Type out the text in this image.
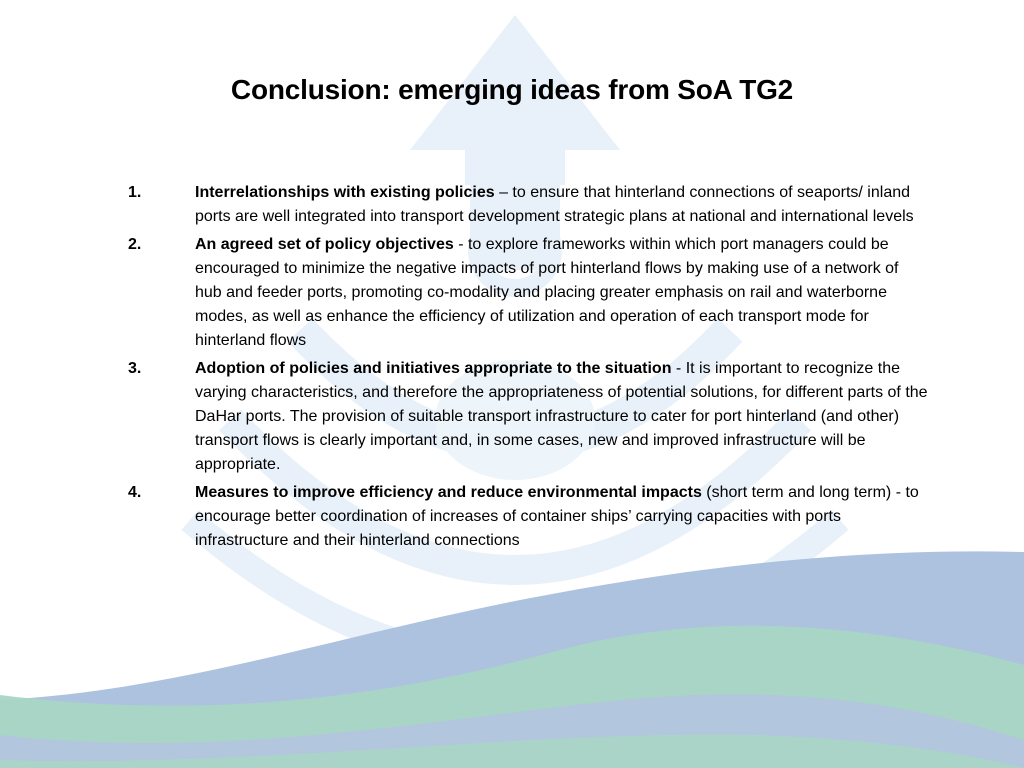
Conclusion: emerging ideas from SoA TG2
1.	Interrelationships with existing policies – to ensure that hinterland connections of seaports/ inland ports are well integrated into transport development strategic plans at national and international levels
2.	An agreed set of policy objectives - to explore frameworks within which port managers could be encouraged to minimize the negative impacts of port hinterland flows by making use of a network of hub and feeder ports, promoting co-modality and placing greater emphasis on rail and waterborne modes, as well as enhance the efficiency of utilization and operation of each transport mode for hinterland flows
3.	Adoption of policies and initiatives appropriate to the situation - It is important to recognize the varying characteristics, and therefore the appropriateness of potential solutions, for different parts of the DaHar ports. The provision of suitable transport infrastructure to cater for port hinterland (and other) transport flows is clearly important and, in some cases, new and improved infrastructure will be appropriate.
4.	Measures to improve efficiency and reduce environmental impacts (short term and long term) - to encourage better coordination of increases of container ships’ carrying capacities with ports infrastructure and their hinterland connections
